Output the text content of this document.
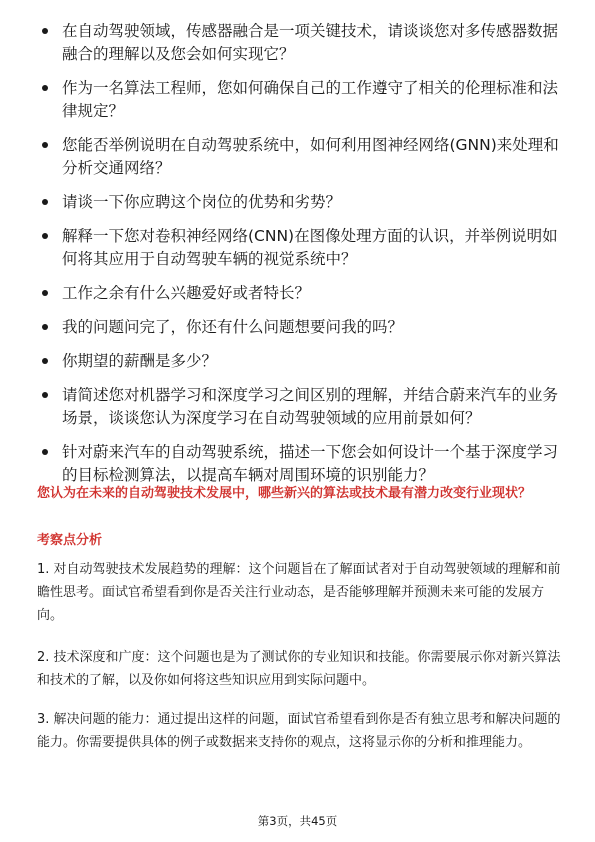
在自动驾驶领域，传感器融合是一项关键技术，请谈谈您对多传感器数据融合的理解以及您会如何实现它？
作为一名算法工程师，您如何确保自己的工作遵守了相关的伦理标准和法律规定？
您能否举例说明在自动驾驶系统中，如何利用图神经网络(GNN)来处理和分析交通网络？
请谈一下你应聘这个岗位的优势和劣势？
解释一下您对卷积神经网络(CNN)在图像处理方面的认识，并举例说明如何将其应用于自动驾驶车辆的视觉系统中？
工作之余有什么兴趣爱好或者特长？
我的问题问完了，你还有什么问题想要问我的吗？
你期望的薪酬是多少？
请简述您对机器学习和深度学习之间区别的理解，并结合蔚来汽车的业务场景，谈谈您认为深度学习在自动驾驶领域的应用前景如何？
针对蔚来汽车的自动驾驶系统，描述一下您会如何设计一个基于深度学习的目标检测算法，以提高车辆对周围环境的识别能力？
您认为在未来的自动驾驶技术发展中，哪些新兴的算法或技术最有潜力改变行业现状？
考察点分析
1. 对自动驾驶技术发展趋势的理解：这个问题旨在了解面试者对于自动驾驶领域的理解和前瞻性思考。面试官希望看到你是否关注行业动态，是否能够理解并预测未来可能的发展方向。
2. 技术深度和广度：这个问题也是为了测试你的专业知识和技能。你需要展示你对新兴算法和技术的了解，以及你如何将这些知识应用到实际问题中。
3. 解决问题的能力：通过提出这样的问题，面试官希望看到你是否有独立思考和解决问题的能力。你需要提供具体的例子或数据来支持你的观点，这将显示你的分析和推理能力。
第3页，共45页
